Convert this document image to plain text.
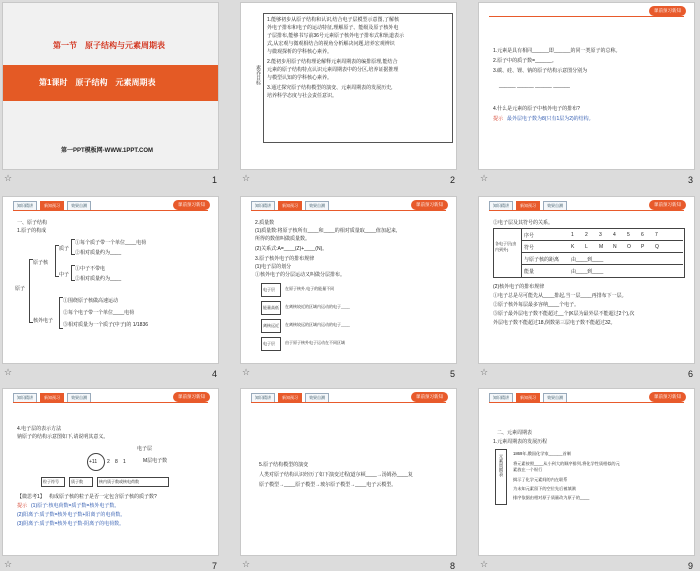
第一节　原子结构与元素周期表
第1课时　原子结构　元素周期表
第一PPT模板网-WWW.1PPT.COM
☆	1
素养目标
1.能够初步从原子结构和认识,结合电子层模型示意图,了解核
外电子排布和电子的运动特征,理解原子、能级及原子核外电
子层排布,能够书写前36号元素原子核外电子排布式和轨道表示
式,从宏观与微观相结合的视角分析解决问题,培养宏观辨识
与微观探析的学科核心素养。
2.能初步用原子结构理论解释元素周期表的编排原理,能结合
元素的原子结构特点认识元素周期表中的分区,培养证据推理
与模型认知的学科核心素养。
3.通过探究原子结构模型的演变、元素周期表的发展历史,
培养科学态度与社会责任意识。
☆	2
课前预习新知
1.元素是具有相同______即______的同一类原子的总称。
2.原子中的质子数=______。
3.碳、硅、锂、钠的原子结构示意图分别为
______ ______ ______ ______
4.什么是元素的原子中核外电子的排布?
提示 最外层电子数为8(只有1层为2)的结构。
☆	3
知识精讲	新知预习	效果自测	课前预习新知
一、原子结构
1.原子的构成
原子
原子核
核外电子
质子
中子
①每个质子带一个单位____电荷
②相对质量约为____
①中子不带电
②相对质量约为____
①围绕原子核做高速运动
②每个电子带一个单位____电荷
③相对质量为一个质子(中子)的 1/1836
☆	4
知识精讲	新知预习	效果自测	课前预习新知
2.质量数
(1)质量数:将原子核所有____和____的相对质量取____值加起来,
所得的数值叫做质量数。
(2)关系式:A=____(Z)+____(N)。
3.原子核外电子的排布规律
(1)电子层的划分
①核外电子的分层运动又叫做分层排布。
电子层
能量高低
离核远近
电子层
在原子核外,电子的能量不同
在离核较近的区域内运动的电子____
在离核较远的区域内运动的电子____
由于原子核外电子运动在不同区域
☆	5
知识精讲	新知预习	效果自测	课前预习新知
②电子层及其符号的关系。
各电子层(由内到外)
序号	1 2 3 4 5 6 7
符号	K L M N O P Q
与原子核的距离 由____到____
能量	由____到____
(2)核外电子的排布规律
①电子总是尽可能先从____排起,当一层____再排布下一层。
②原子核外每层最多容纳____个电子。
③原子最外层电子数不能超过__个(K层为最外层不能超过2个),次
外层电子数不能超过18,倒数第三层电子数不能超过32。
☆	6
知识精讲	新知预习	效果自测	课前预习新知
4.电子层的表示方法
钠原子的结构示意图如下,请说明其意义。
+11 2 8 1
电子层
M层电子数
粒子符号	质子数	核内质子数或核电荷数
【微思考1】 构成原子核的粒子是否一定包含原子核的质子数?
提示 (1)原子:核电荷数=质子数=核外电子数。
(2)阳离子:质子数=核外电子数+阳离子的电荷数。
(3)阴离子:质子数=核外电子数-阴离子的电荷数。
☆	7
知识精讲	新知预习	效果自测	课前预习新知
5.原子结构模型的演变
人类对原子结构认识经历了如下演变过程(道尔顿____→汤姆孙____复
原子模型→____原子模型→玻尔原子模型→____电子云模型。
☆	8
知识精讲	新知预习	效果自测	课前预习新知
二、元素周期表
1.元素周期表的发展历程
元素周期表
1869年,俄国化学家______首制
将元素按照____从小到大的顺序排列,将化学性质相似的元素放在一个纵行
揭示了化学元素间的内在联系
为未知元素留下的空位先后被填满
排序依据由相对原子质量改为原子的____
☆	9
